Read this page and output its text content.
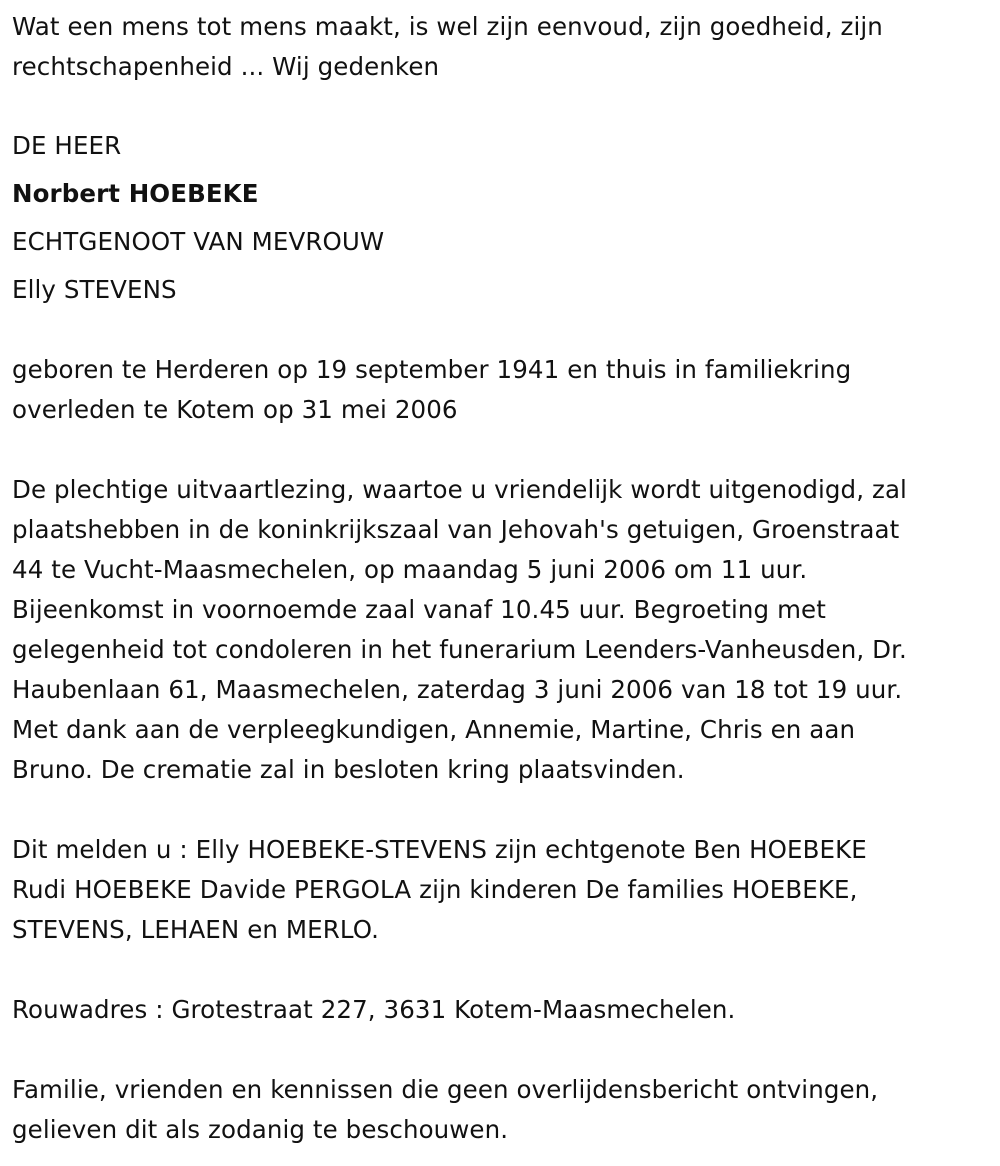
Wat een mens tot mens maakt, is wel zijn eenvoud, zijn goedheid, zijn
rechtschapenheid ... Wij gedenken
DE HEER
Norbert HOEBEKE
ECHTGENOOT VAN MEVROUW
Elly STEVENS
geboren te Herderen op 19 september 1941 en thuis in familiekring
overleden te Kotem op 31 mei 2006
De plechtige uitvaartlezing, waartoe u vriendelijk wordt uitgenodigd, zal
plaatshebben in de koninkrijkszaal van Jehovah's getuigen, Groenstraat
44 te Vucht-Maasmechelen, op maandag 5 juni 2006 om 11 uur.
Bijeenkomst in voornoemde zaal vanaf 10.45 uur. Begroeting met
gelegenheid tot condoleren in het funerarium Leenders-Vanheusden, Dr.
Haubenlaan 61, Maasmechelen, zaterdag 3 juni 2006 van 18 tot 19 uur.
Met dank aan de verpleegkundigen, Annemie, Martine, Chris en aan
Bruno. De crematie zal in besloten kring plaatsvinden.
Dit melden u : Elly HOEBEKE-STEVENS zijn echtgenote Ben HOEBEKE
Rudi HOEBEKE Davide PERGOLA zijn kinderen De families HOEBEKE,
STEVENS, LEHAEN en MERLO.
Rouwadres : Grotestraat 227, 3631 Kotem-Maasmechelen.
Familie, vrienden en kennissen die geen overlijdensbericht ontvingen,
gelieven dit als zodanig te beschouwen.
